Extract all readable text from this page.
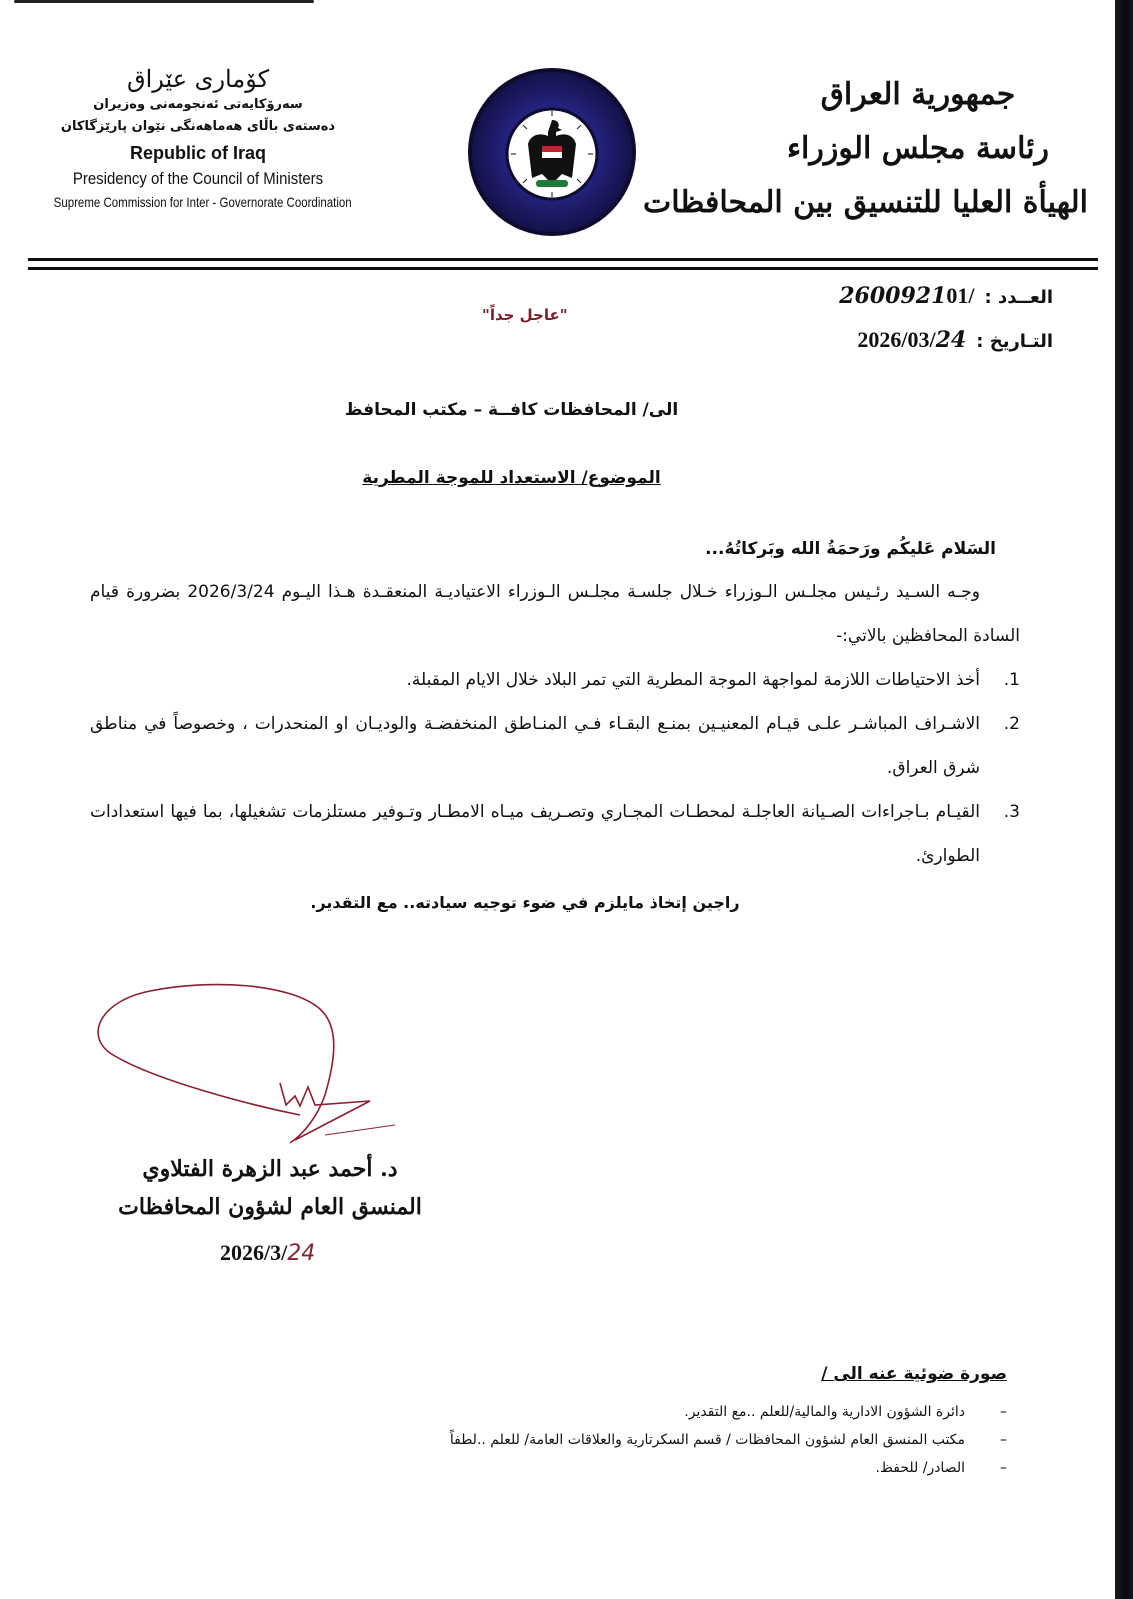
كۆماری عێراق
سەرۆکایەتی ئەنجومەنی وەزیران
دەستەی باڵای هەماهەنگی نێوان پارێزگاکان
Republic of Iraq
Presidency of the Council of Ministers
Supreme Commission for Inter - Governorate Coordination
جمهورية العراق
رئاسة مجلس الوزراء
الهيأة العليا للتنسيق بين المحافظات
العــدد :
260092101/
التـاريخ :
2026/03/24
"عاجل جداً"
الى/ المحافظات كافــة – مكتب المحافظ
الموضوع/ الاستعداد للموجة المطرية
السَلام عَليكُم ورَحمَةُ الله وبَركاتُهُ...
وجـه السـيد رئـيس مجلـس الـوزراء خـلال جلسـة مجلـس الـوزراء الاعتياديـة المنعقـدة هـذا اليـوم 2026/3/24 بضرورة قيام السادة المحافظين بالاتي:-
1.
أخذ الاحتياطات اللازمة لمواجهة الموجة المطرية التي تمر البلاد خلال الايام المقبلة.
2.
الاشـراف المباشـر علـى قيـام المعنيـين بمنـع البقـاء فـي المنـاطق المنخفضـة والوديـان او المنحدرات ، وخصوصاً في مناطق شرق العراق.
3.
القيـام بـاجراءات الصـيانة العاجلـة لمحطـات المجـاري وتصـريف ميـاه الامطـار وتـوفير مستلزمات تشغيلها، بما فيها استعدادات الطوارئ.
راجين إتخاذ مايلزم في ضوء توجيه سيادته.. مع التقدير.
د. أحمد عبد الزهرة الفتلاوي
المنسق العام لشؤون المحافظات
2026/3/24
صورة ضوئية عنه الى /
–دائرة الشؤون الادارية والمالية/للعلم ..مع التقدير.
–مكتب المنسق العام لشؤون المحافظات / قسم السكرتارية والعلاقات العامة/ للعلم ..لطفاً
–الصادر/ للحفظ.
